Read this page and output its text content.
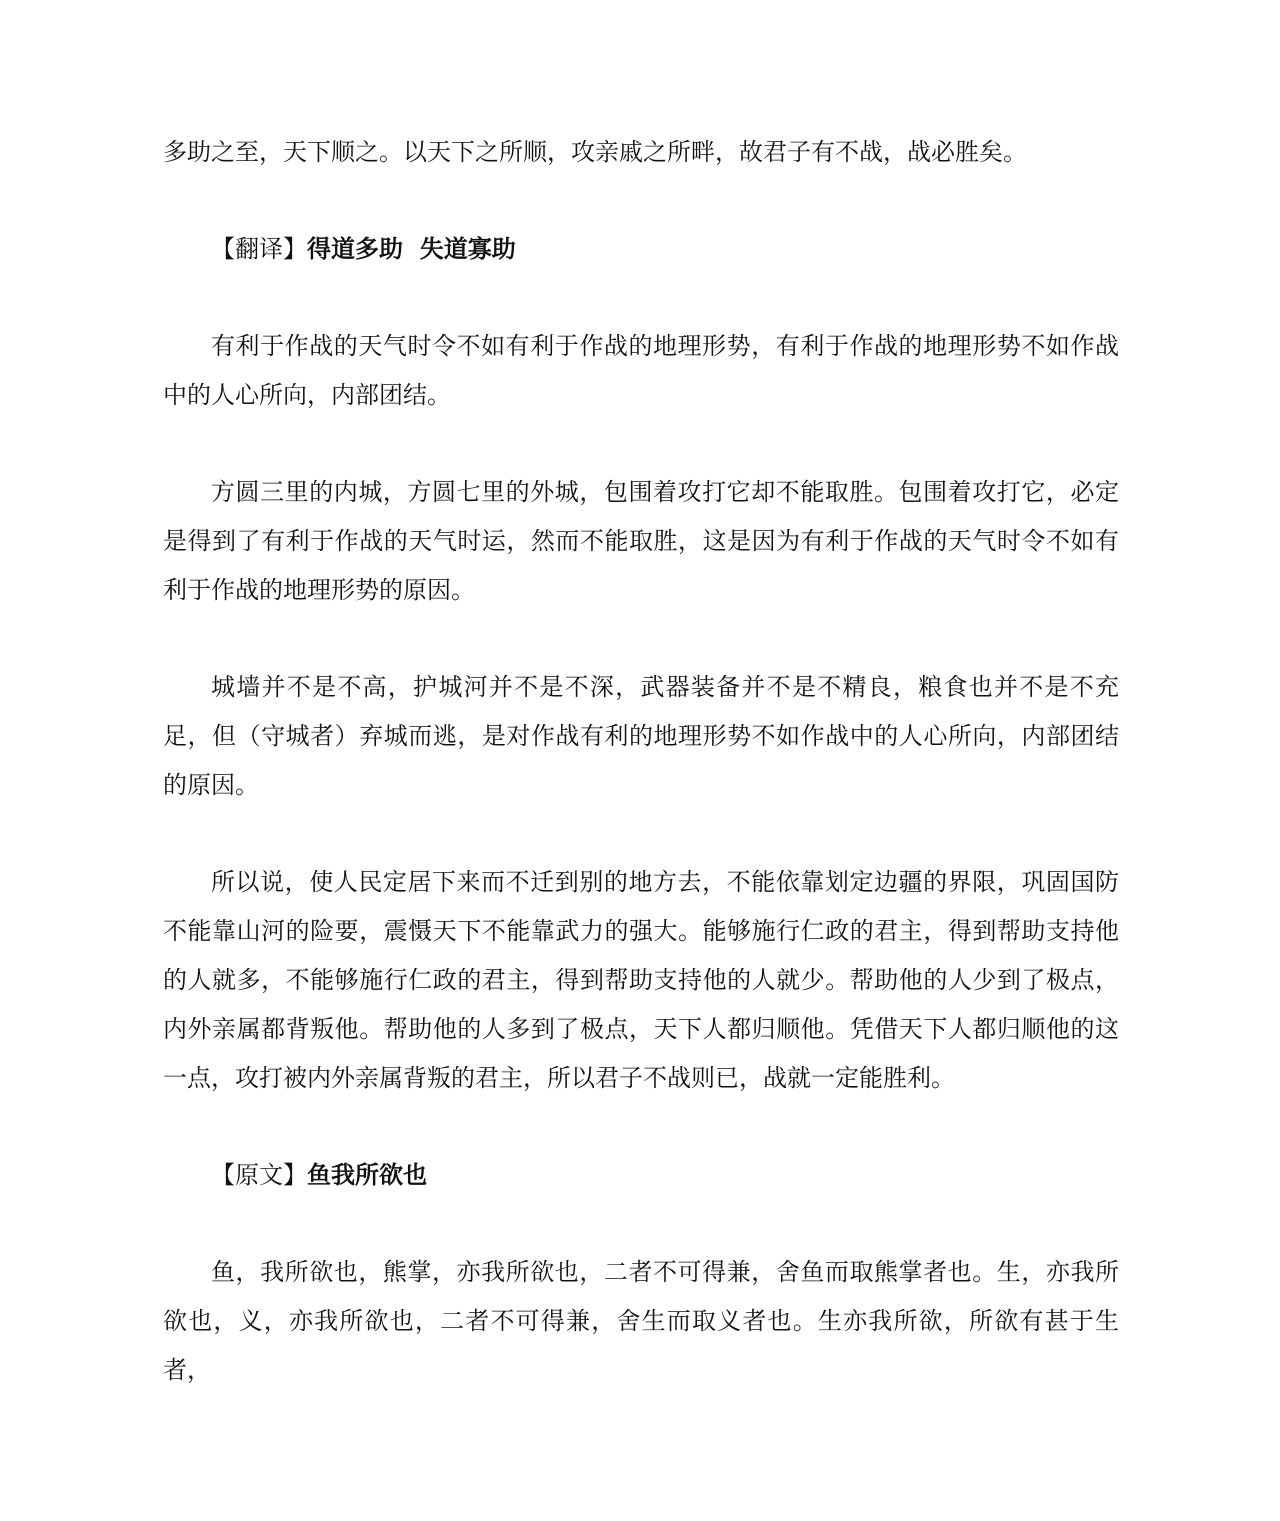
多助之至，天下顺之。以天下之所顺，攻亲戚之所畔，故君子有不战，战必胜矣。

【翻译】得道多助  失道寡助

有利于作战的天气时令不如有利于作战的地理形势，有利于作战的地理形势不如作战中的人心所向，内部团结。

方圆三里的内城，方圆七里的外城，包围着攻打它却不能取胜。包围着攻打它，必定是得到了有利于作战的天气时运，然而不能取胜，这是因为有利于作战的天气时令不如有利于作战的地理形势的原因。

城墙并不是不高，护城河并不是不深，武器装备并不是不精良，粮食也并不是不充足，但（守城者）弃城而逃，是对作战有利的地理形势不如作战中的人心所向，内部团结的原因。

所以说，使人民定居下来而不迁到别的地方去，不能依靠划定边疆的界限，巩固国防不能靠山河的险要，震慑天下不能靠武力的强大。能够施行仁政的君主，得到帮助支持他的人就多，不能够施行仁政的君主，得到帮助支持他的人就少。帮助他的人少到了极点，内外亲属都背叛他。帮助他的人多到了极点，天下人都归顺他。凭借天下人都归顺他的这一点，攻打被内外亲属背叛的君主，所以君子不战则已，战就一定能胜利。

【原文】鱼我所欲也

鱼，我所欲也，熊掌，亦我所欲也，二者不可得兼，舍鱼而取熊掌者也。生，亦我所欲也，义，亦我所欲也，二者不可得兼，舍生而取义者也。生亦我所欲，所欲有甚于生者，
